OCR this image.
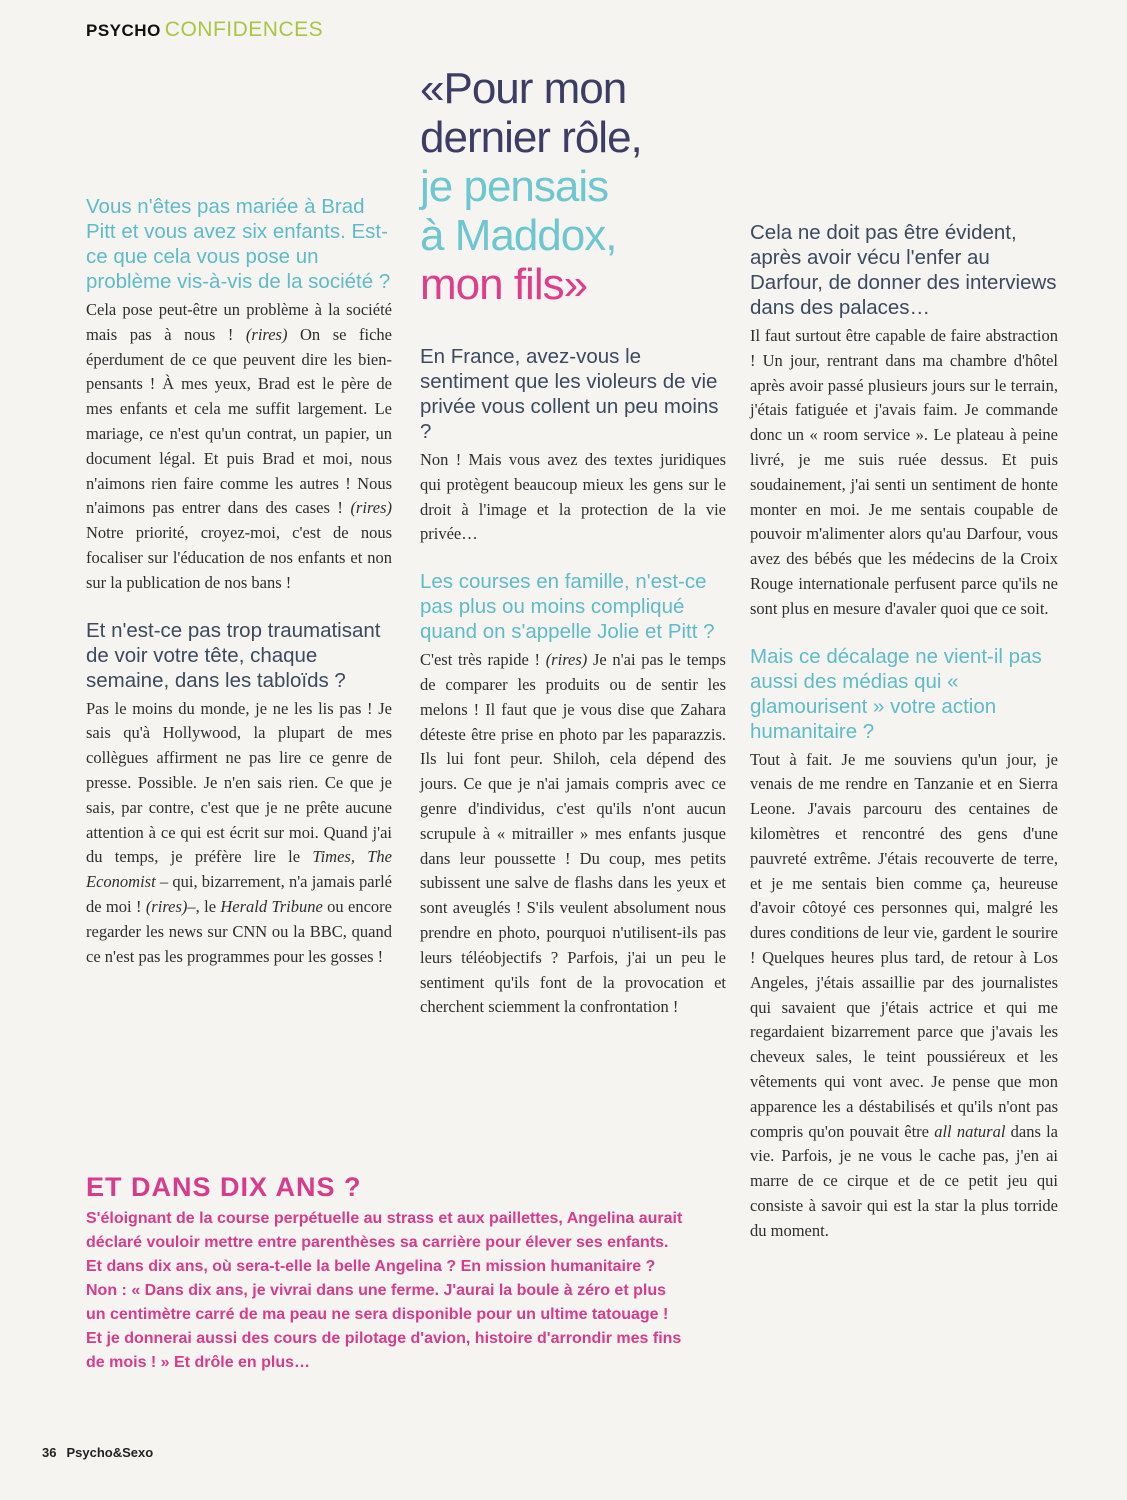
PSYCHO CONFIDENCES
«Pour mon
dernier rôle,
je pensais
à Maddox,
mon fils»
Vous n'êtes pas mariée à Brad Pitt et vous avez six enfants. Est-ce que cela vous pose un problème vis-à-vis de la société ?

Cela pose peut-être un problème à la société mais pas à nous ! (rires) On se fiche éperdument de ce que peuvent dire les bien-pensants ! À mes yeux, Brad est le père de mes enfants et cela me suffit largement. Le mariage, ce n'est qu'un contrat, un papier, un document légal. Et puis Brad et moi, nous n'aimons rien faire comme les autres ! Nous n'aimons pas entrer dans des cases ! (rires) Notre priorité, croyez-moi, c'est de nous focaliser sur l'éducation de nos enfants et non sur la publication de nos bans !

Et n'est-ce pas trop traumatisant de voir votre tête, chaque semaine, dans les tabloïds ?

Pas le moins du monde, je ne les lis pas ! Je sais qu'à Hollywood, la plupart de mes collègues affirment ne pas lire ce genre de presse. Possible. Je n'en sais rien. Ce que je sais, par contre, c'est que je ne prête aucune attention à ce qui est écrit sur moi. Quand j'ai du temps, je préfère lire le Times, The Economist – qui, bizarrement, n'a jamais parlé de moi ! (rires)–, le Herald Tribune ou encore regarder les news sur CNN ou la BBC, quand ce n'est pas les programmes pour les gosses !

En France, avez-vous le sentiment que les violeurs de vie privée vous collent un peu moins ?

Non ! Mais vous avez des textes juridiques qui protègent beaucoup mieux les gens sur le droit à l'image et la protection de la vie privée…

Les courses en famille, n'est-ce pas plus ou moins compliqué quand on s'appelle Jolie et Pitt ?

C'est très rapide ! (rires) Je n'ai pas le temps de comparer les produits ou de sentir les melons ! Il faut que je vous dise que Zahara déteste être prise en photo par les paparazzis. Ils lui font peur. Shiloh, cela dépend des jours. Ce que je n'ai jamais compris avec ce genre d'individus, c'est qu'ils n'ont aucun scrupule à « mitrailler » mes enfants jusque dans leur poussette ! Du coup, mes petits subissent une salve de flashs dans les yeux et sont aveuglés ! S'ils veulent absolument nous prendre en photo, pourquoi n'utilisent-ils pas leurs téléobjectifs ? Parfois, j'ai un peu le sentiment qu'ils font de la provocation et cherchent sciemment la confrontation !

Cela ne doit pas être évident, après avoir vécu l'enfer au Darfour, de donner des interviews dans des palaces…

Il faut surtout être capable de faire abstraction ! Un jour, rentrant dans ma chambre d'hôtel après avoir passé plusieurs jours sur le terrain, j'étais fatiguée et j'avais faim. Je commande donc un « room service ». Le plateau à peine livré, je me suis ruée dessus. Et puis soudainement, j'ai senti un sentiment de honte monter en moi. Je me sentais coupable de pouvoir m'alimenter alors qu'au Darfour, vous avez des bébés que les médecins de la Croix Rouge internationale perfusent parce qu'ils ne sont plus en mesure d'avaler quoi que ce soit.

Mais ce décalage ne vient-il pas aussi des médias qui « glamourisent » votre action humanitaire ?

Tout à fait. Je me souviens qu'un jour, je venais de me rendre en Tanzanie et en Sierra Leone. J'avais parcouru des centaines de kilomètres et rencontré des gens d'une pauvreté extrême. J'étais recouverte de terre, et je me sentais bien comme ça, heureuse d'avoir côtoyé ces personnes qui, malgré les dures conditions de leur vie, gardent le sourire ! Quelques heures plus tard, de retour à Los Angeles, j'étais assaillie par des journalistes qui savaient que j'étais actrice et qui me regardaient bizarrement parce que j'avais les cheveux sales, le teint poussiéreux et les vêtements qui vont avec. Je pense que mon apparence les a déstabilisés et qu'ils n'ont pas compris qu'on pouvait être all natural dans la vie. Parfois, je ne vous le cache pas, j'en ai marre de ce cirque et de ce petit jeu qui consiste à savoir qui est la star la plus torride du moment.

ET DANS DIX ANS ?
S'éloignant de la course perpétuelle au strass et aux paillettes, Angelina aurait déclaré vouloir mettre entre parenthèses sa carrière pour élever ses enfants. Et dans dix ans, où sera-t-elle la belle Angelina ? En mission humanitaire ? Non : « Dans dix ans, je vivrai dans une ferme. J'aurai la boule à zéro et plus un centimètre carré de ma peau ne sera disponible pour un ultime tatouage ! Et je donnerai aussi des cours de pilotage d'avion, histoire d'arrondir mes fins de mois ! » Et drôle en plus…
36 Psycho&Sexo
